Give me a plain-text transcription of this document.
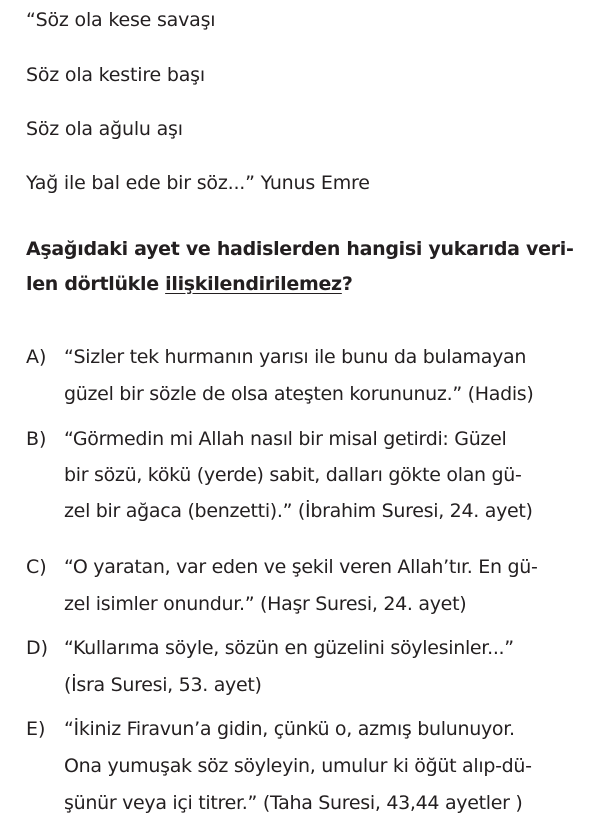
“Söz ola kese savaşı
Söz ola kestire başı
Söz ola ağulu aşı
Yağ ile bal ede bir söz...” Yunus Emre
Aşağıdaki ayet ve hadislerden hangisi yukarıda veri-
len dörtlükle ilişkilendirilemez?
A) “Sizler tek hurmanın yarısı ile bunu da bulamayan
güzel bir sözle de olsa ateşten korununuz.” (Hadis)
B) “Görmedin mi Allah nasıl bir misal getirdi: Güzel
bir sözü, kökü (yerde) sabit, dalları gökte olan gü-
zel bir ağaca (benzetti).” (İbrahim Suresi, 24. ayet)
C) “O yaratan, var eden ve şekil veren Allah’tır. En gü-
zel isimler onundur.” (Haşr Suresi, 24. ayet)
D) “Kullarıma söyle, sözün en güzelini söylesinler...”
(İsra Suresi, 53. ayet)
E) “İkiniz Firavun’a gidin, çünkü o, azmış bulunuyor.
Ona yumuşak söz söyleyin, umulur ki öğüt alıp-dü-
şünür veya içi titrer.” (Taha Suresi, 43,44 ayetler )
